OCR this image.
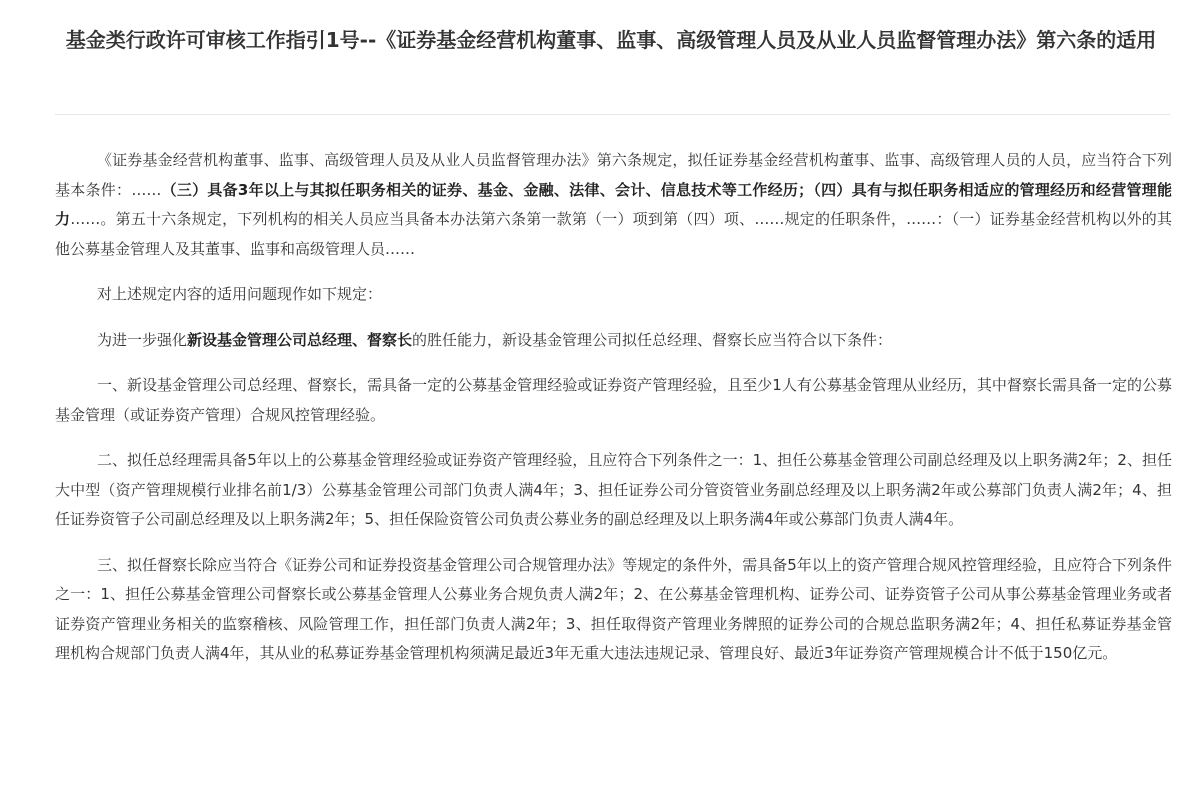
基金类行政许可审核工作指引1号--《证券基金经营机构董事、监事、高级管理人员及从业人员监督管理办法》第六条的适用

《证券基金经营机构董事、监事、高级管理人员及从业人员监督管理办法》第六条规定，拟任证券基金经营机构董事、监事、高级管理人员的人员，应当符合下列基本条件：……（三）具备3年以上与其拟任职务相关的证券、基金、金融、法律、会计、信息技术等工作经历；（四）具有与拟任职务相适应的管理经历和经营管理能力……。第五十六条规定，下列机构的相关人员应当具备本办法第六条第一款第（一）项到第（四）项、……规定的任职条件，……：（一）证券基金经营机构以外的其他公募基金管理人及其董事、监事和高级管理人员……

对上述规定内容的适用问题现作如下规定：

为进一步强化新设基金管理公司总经理、督察长的胜任能力，新设基金管理公司拟任总经理、督察长应当符合以下条件：

一、新设基金管理公司总经理、督察长，需具备一定的公募基金管理经验或证券资产管理经验，且至少1人有公募基金管理从业经历，其中督察长需具备一定的公募基金管理（或证券资产管理）合规风控管理经验。

二、拟任总经理需具备5年以上的公募基金管理经验或证券资产管理经验，且应符合下列条件之一：1、担任公募基金管理公司副总经理及以上职务满2年；2、担任大中型（资产管理规模行业排名前1/3）公募基金管理公司部门负责人满4年；3、担任证券公司分管资管业务副总经理及以上职务满2年或公募部门负责人满2年；4、担任证券资管子公司副总经理及以上职务满2年；5、担任保险资管公司负责公募业务的副总经理及以上职务满4年或公募部门负责人满4年。

三、拟任督察长除应当符合《证券公司和证券投资基金管理公司合规管理办法》等规定的条件外，需具备5年以上的资产管理合规风控管理经验，且应符合下列条件之一：1、担任公募基金管理公司督察长或公募基金管理人公募业务合规负责人满2年；2、在公募基金管理机构、证券公司、证券资管子公司从事公募基金管理业务或者证券资产管理业务相关的监察稽核、风险管理工作，担任部门负责人满2年；3、担任取得资产管理业务牌照的证券公司的合规总监职务满2年；4、担任私募证券基金管理机构合规部门负责人满4年，其从业的私募证券基金管理机构须满足最近3年无重大违法违规记录、管理良好、最近3年证券资产管理规模合计不低于150亿元。
